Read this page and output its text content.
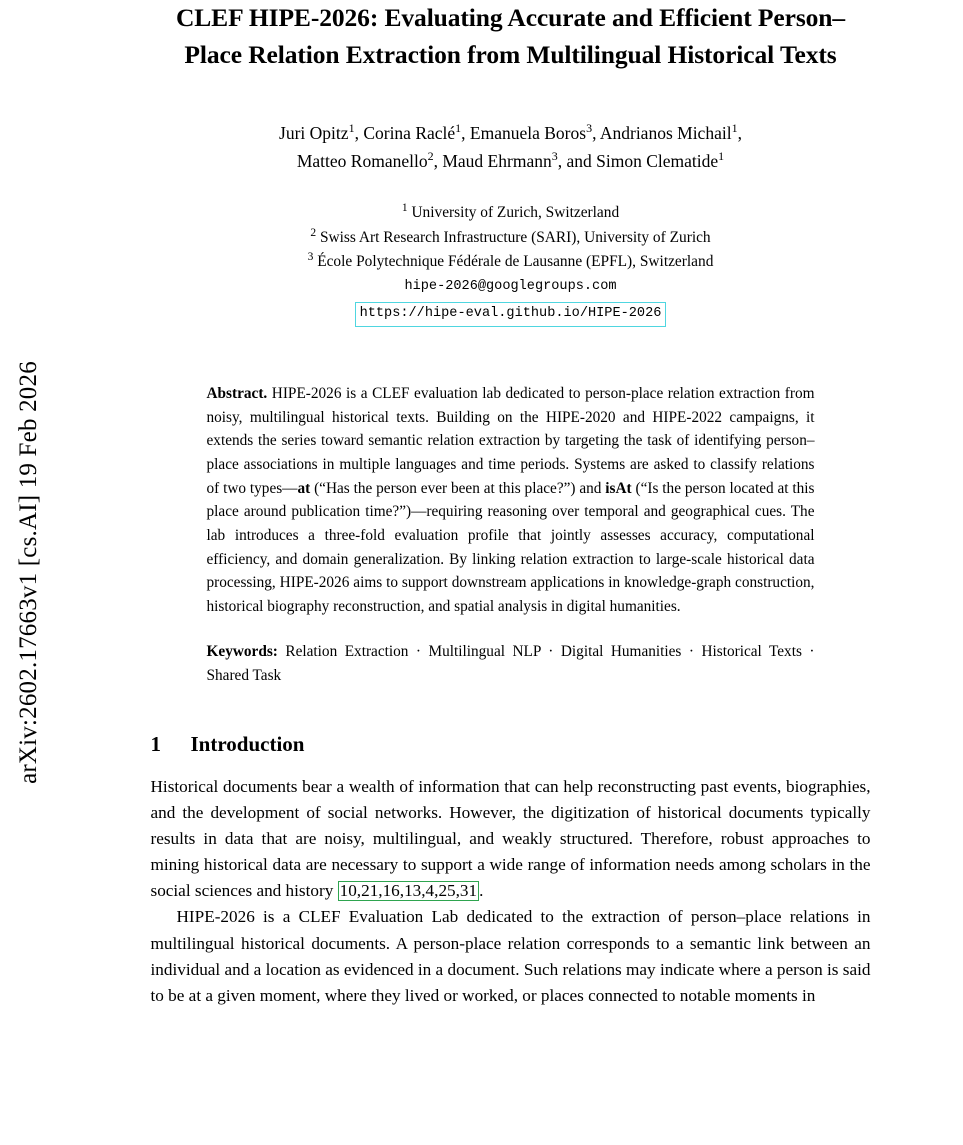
arXiv:2602.17663v1 [cs.AI] 19 Feb 2026
CLEF HIPE-2026: Evaluating Accurate and Efficient Person–Place Relation Extraction from Multilingual Historical Texts
Juri Opitz$^1$, Corina Raclé$^1$, Emanuela Boros$^3$, Andrianos Michail$^1$,
Matteo Romanello$^2$, Maud Ehrmann$^3$, and Simon Clematide$^1$
$^1$ University of Zurich, Switzerland
$^2$ Swiss Art Research Infrastructure (SARI), University of Zurich
$^3$ École Polytechnique Fédérale de Lausanne (EPFL), Switzerland
hipe-2026@googlegroups.com
https://hipe-eval.github.io/HIPE-2026
Abstract. HIPE-2026 is a CLEF evaluation lab dedicated to person-place relation extraction from noisy, multilingual historical texts. Building on the HIPE-2020 and HIPE-2022 campaigns, it extends the series toward semantic relation extraction by targeting the task of identifying person–place associations in multiple languages and time periods. Systems are asked to classify relations of two types—at (“Has the person ever been at this place?”) and isAt (“Is the person located at this place around publication time?”)—requiring reasoning over temporal and geographical cues. The lab introduces a three-fold evaluation profile that jointly assesses accuracy, computational efficiency, and domain generalization. By linking relation extraction to large-scale historical data processing, HIPE-2026 aims to support downstream applications in knowledge-graph construction, historical biography reconstruction, and spatial analysis in digital humanities.
Keywords: Relation Extraction · Multilingual NLP · Digital Humanities · Historical Texts · Shared Task
1 Introduction
Historical documents bear a wealth of information that can help reconstructing past events, biographies, and the development of social networks. However, the digitization of historical documents typically results in data that are noisy, multilingual, and weakly structured. Therefore, robust approaches to mining historical data are necessary to support a wide range of information needs among scholars in the social sciences and history 10,21,16,13,4,25,31 .
HIPE-2026 is a CLEF Evaluation Lab dedicated to the extraction of person–place relations in multilingual historical documents. A person-place relation corresponds to a semantic link between an individual and a location as evidenced in a document. Such relations may indicate where a person is said to be at a given moment, where they lived or worked, or places connected to notable moments in
